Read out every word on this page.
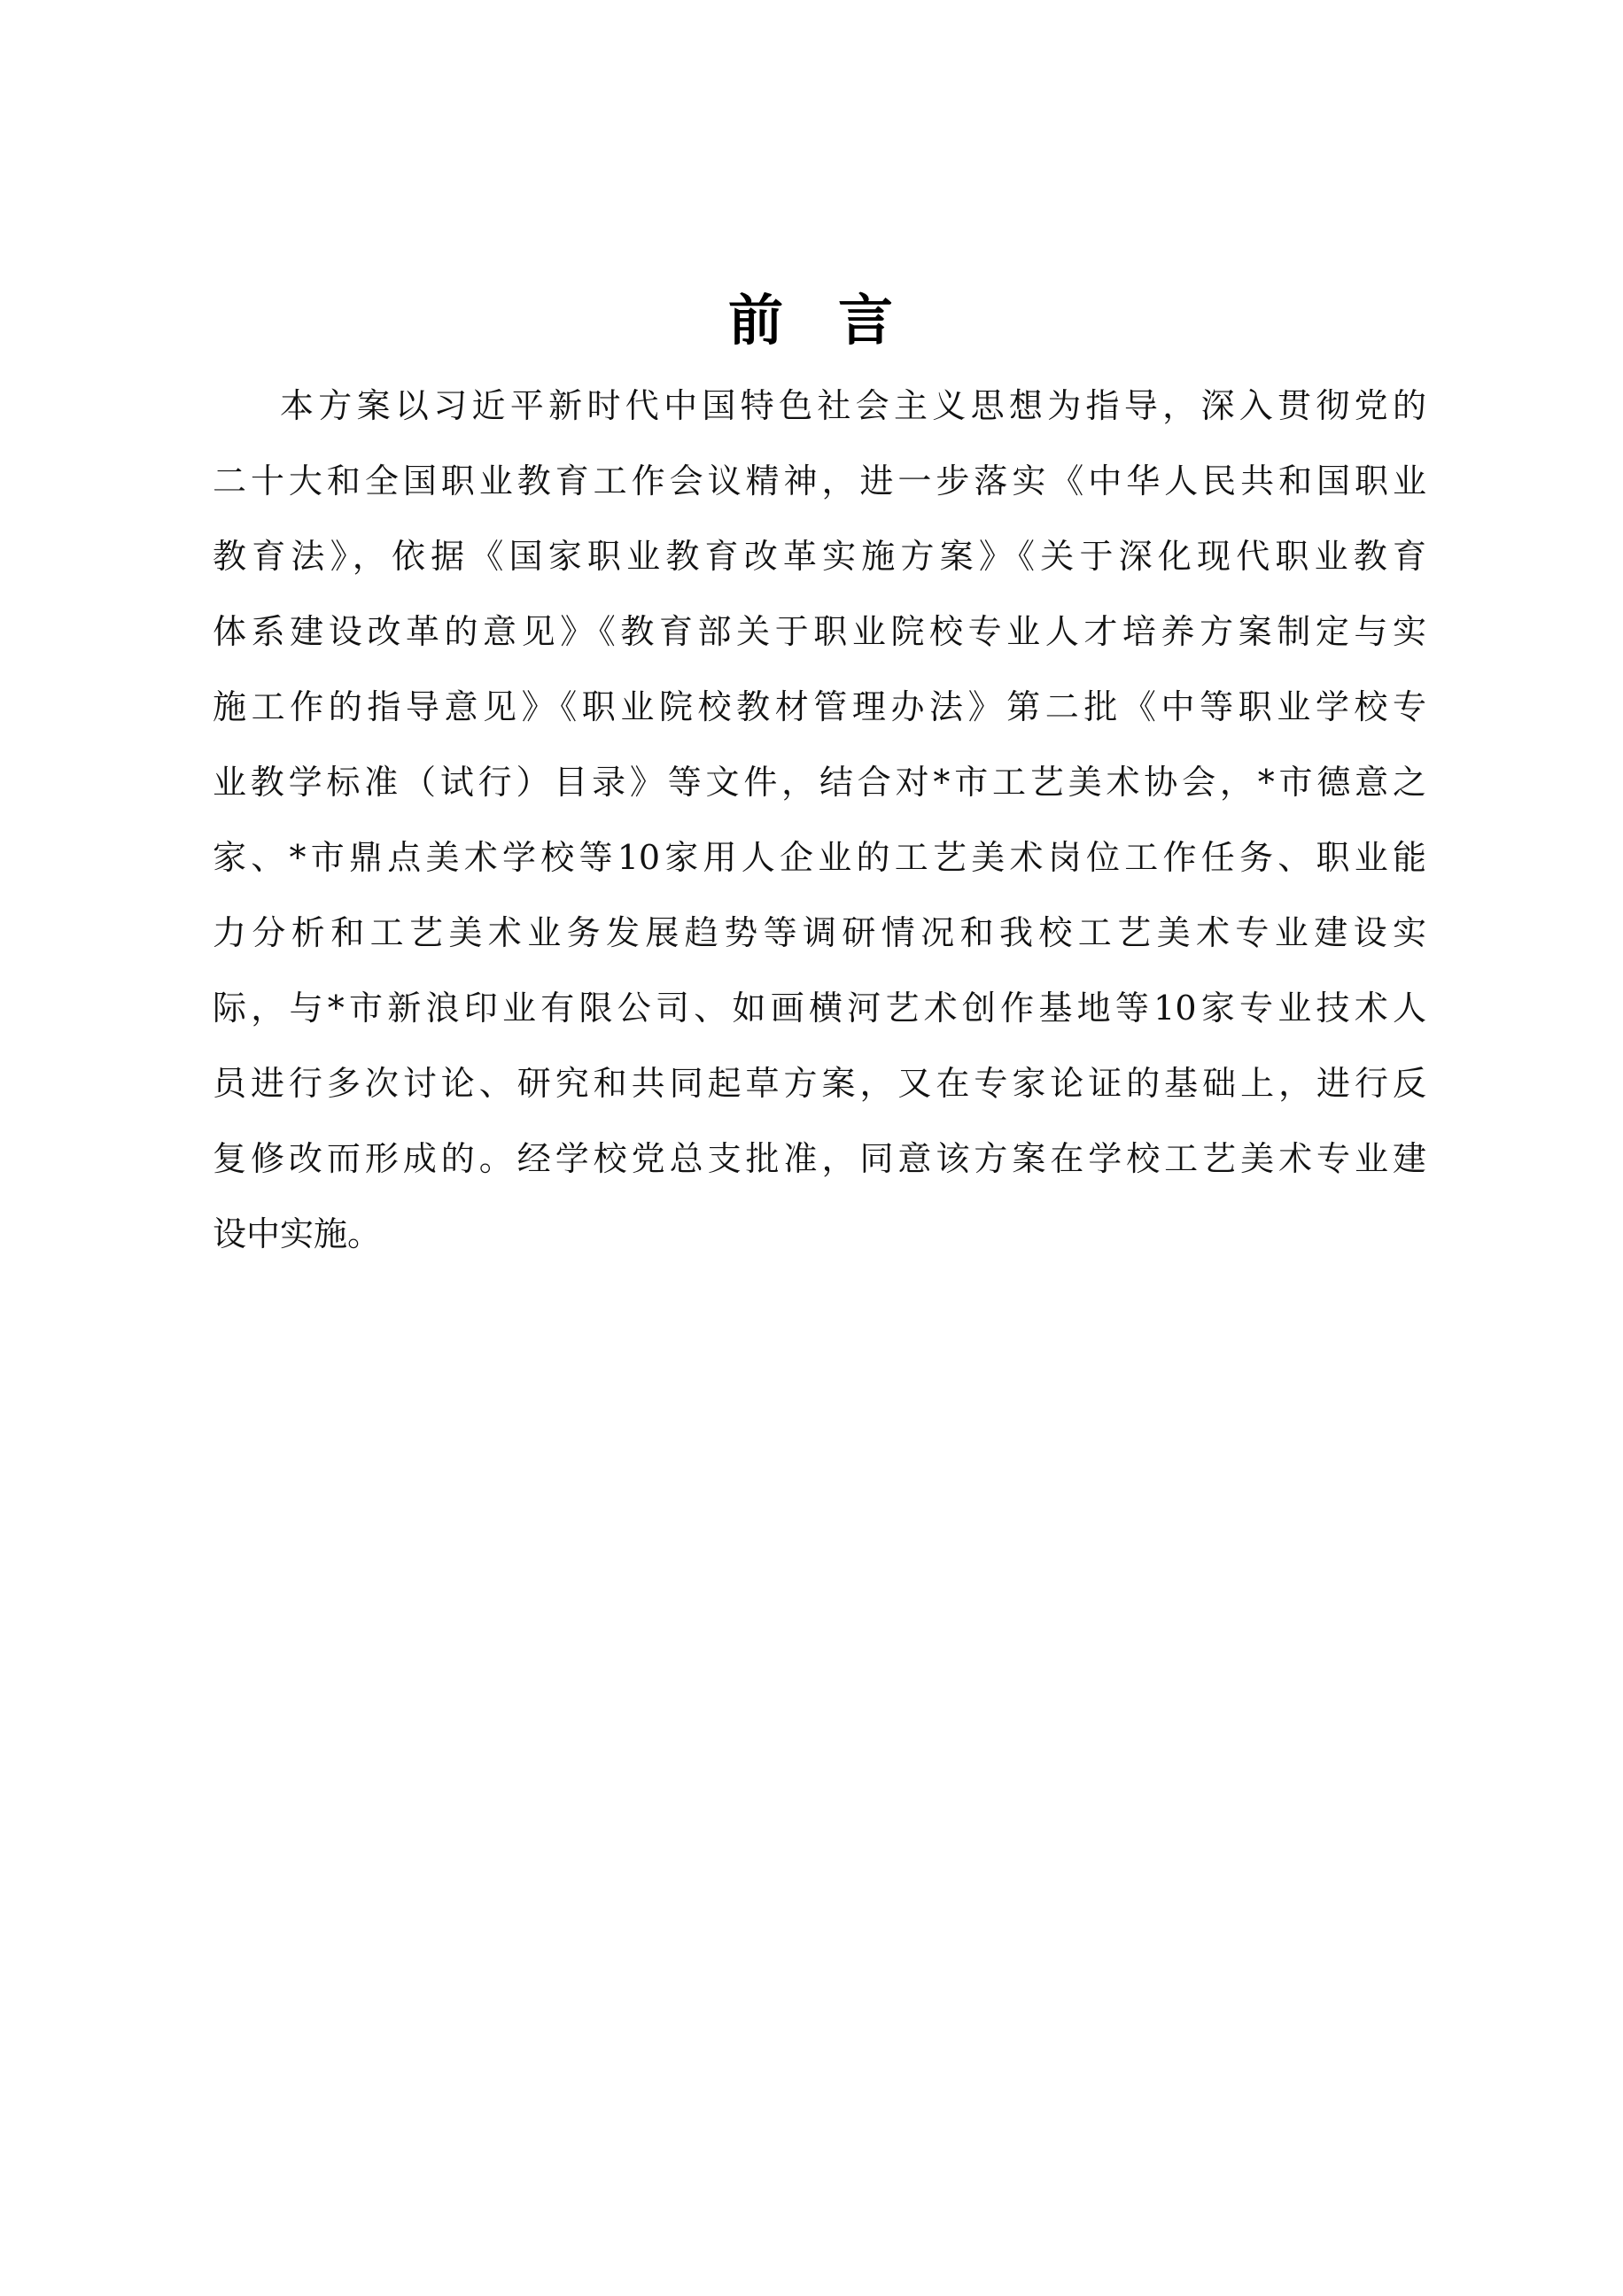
前 言
本方案以习近平新时代中国特色社会主义思想为指导，深入贯彻党的
二十大和全国职业教育工作会议精神，进一步落实《中华人民共和国职业
教育法》，依据《国家职业教育改革实施方案》《关于深化现代职业教育
体系建设改革的意见》《教育部关于职业院校专业人才培养方案制定与实
施工作的指导意见》《职业院校教材管理办法》第二批《中等职业学校专
业教学标准（试行）目录》等文件，结合对*市工艺美术协会，*市德意之
家、*市鼎点美术学校等10家用人企业的工艺美术岗位工作任务、职业能
力分析和工艺美术业务发展趋势等调研情况和我校工艺美术专业建设实
际，与*市新浪印业有限公司、如画横河艺术创作基地等10家专业技术人
员进行多次讨论、研究和共同起草方案，又在专家论证的基础上，进行反
复修改而形成的。经学校党总支批准，同意该方案在学校工艺美术专业建
设中实施。
